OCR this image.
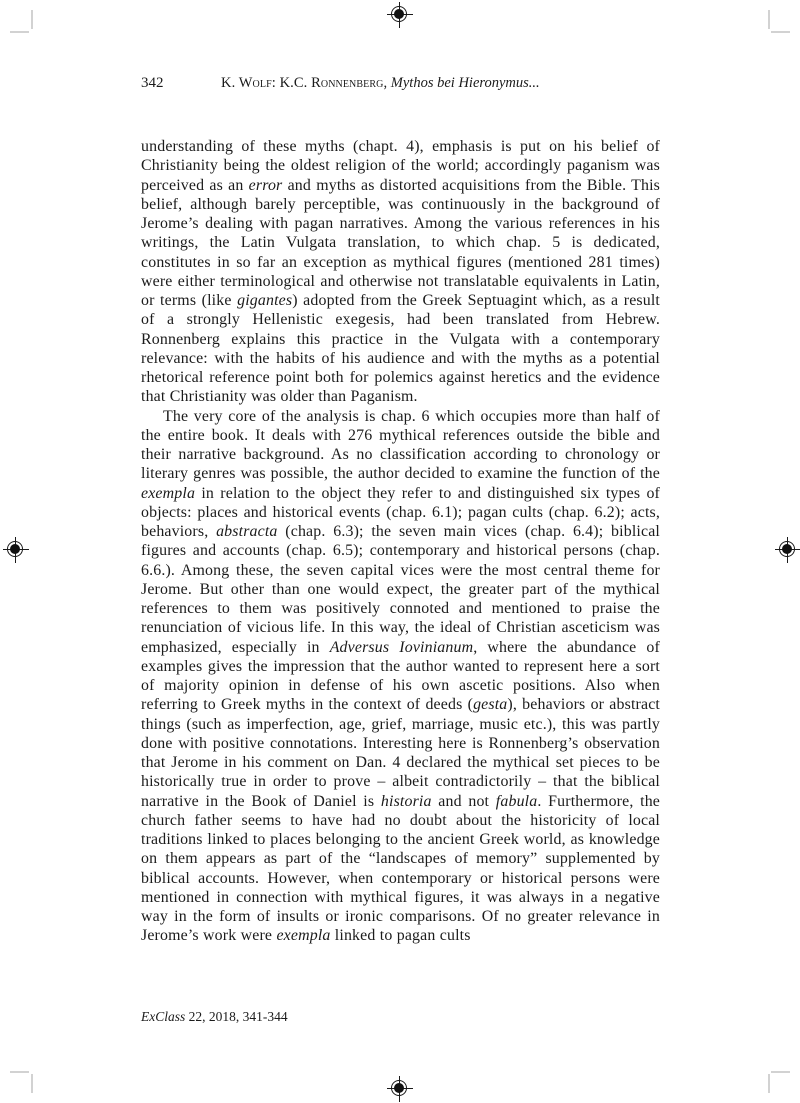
342	K. Wolf: K.C. Ronnenberg, Mythos bei Hieronymus...

understanding of these myths (chapt. 4), emphasis is put on his belief of Christianity being the oldest religion of the world; accordingly paganism was perceived as an error and myths as distorted acquisitions from the Bible. This belief, although barely perceptible, was continuously in the background of Jerome’s dealing with pagan narratives. Among the various references in his writings, the Latin Vulgata translation, to which chap. 5 is dedicated, constitutes in so far an exception as mythical figures (mentioned 281 times) were either terminological and otherwise not translatable equivalents in Latin, or terms (like gigantes) adopted from the Greek Septuagint which, as a result of a strongly Hellenistic exegesis, had been translated from Hebrew. Ronnenberg explains this practice in the Vulgata with a contemporary relevance: with the habits of his audience and with the myths as a potential rhetorical reference point both for polemics against heretics and the evidence that Christianity was older than Paganism.

The very core of the analysis is chap. 6 which occupies more than half of the entire book. It deals with 276 mythical references outside the bible and their narrative background. As no classification according to chronology or literary genres was possible, the author decided to examine the function of the exempla in relation to the object they refer to and distinguished six types of objects: places and historical events (chap. 6.1); pagan cults (chap. 6.2); acts, behaviors, abstracta (chap. 6.3); the seven main vices (chap. 6.4); biblical figures and accounts (chap. 6.5); contemporary and historical persons (chap. 6.6.). Among these, the seven capital vices were the most central theme for Jerome. But other than one would expect, the greater part of the mythical references to them was positively connoted and mentioned to praise the renunciation of vicious life. In this way, the ideal of Christian asceticism was emphasized, especially in Adversus Iovinianum, where the abundance of examples gives the impression that the author wanted to represent here a sort of majority opinion in defense of his own ascetic positions. Also when referring to Greek myths in the context of deeds (gesta), behaviors or abstract things (such as imperfection, age, grief, marriage, music etc.), this was partly done with positive connotations. Interesting here is Ronnenberg’s observation that Jerome in his comment on Dan. 4 declared the mythical set pieces to be historically true in order to prove – albeit contradictorily – that the biblical narrative in the Book of Daniel is historia and not fabula. Furthermore, the church father seems to have had no doubt about the historicity of local traditions linked to places belonging to the ancient Greek world, as knowledge on them appears as part of the “landscapes of memory” supplemented by biblical accounts. However, when contemporary or historical persons were mentioned in connection with mythical figures, it was always in a negative way in the form of insults or ironic comparisons. Of no greater relevance in Jerome’s work were exempla linked to pagan cults

ExClass 22, 2018, 341-344
